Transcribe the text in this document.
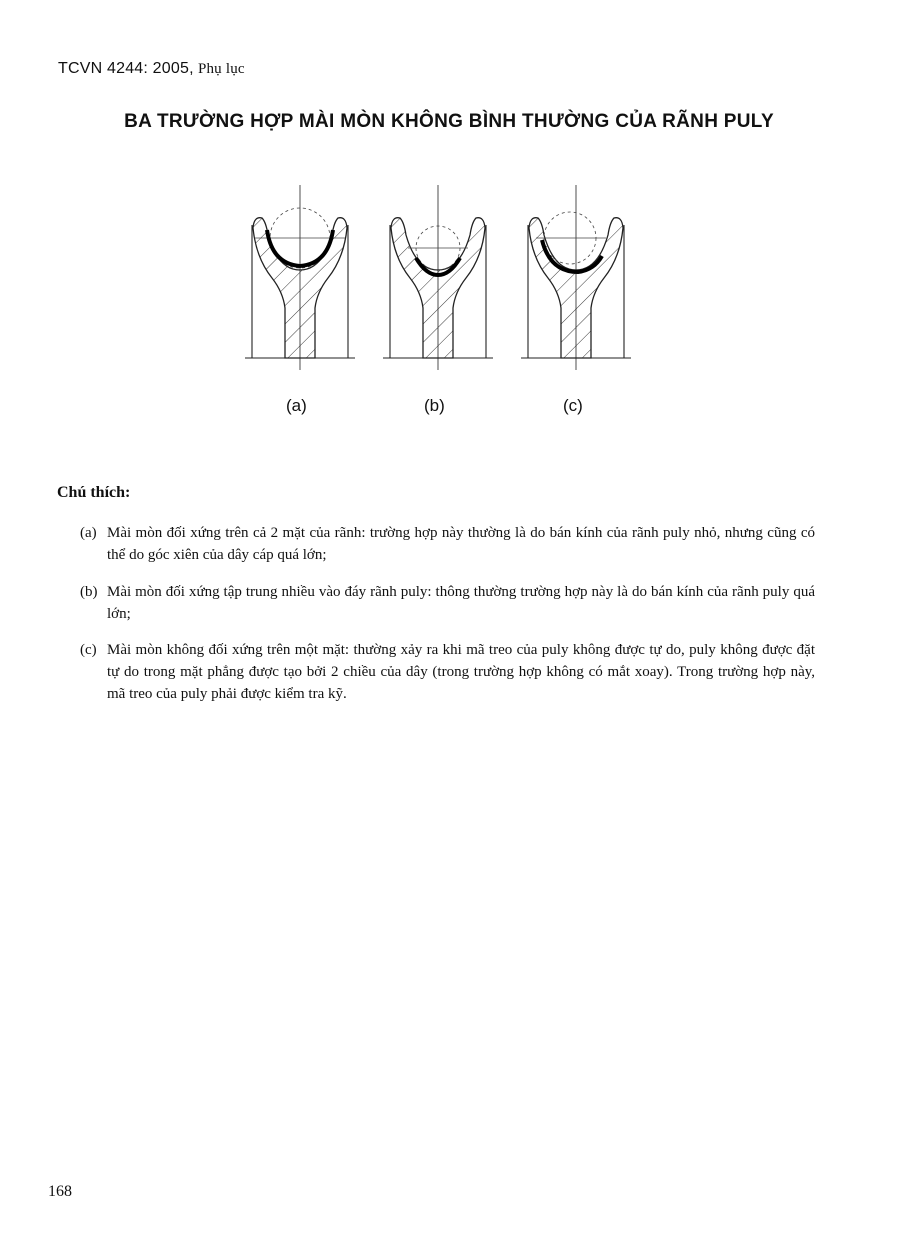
TCVN 4244: 2005, Phụ lục
BA TRƯỜNG HỢP MÀI MÒN KHÔNG BÌNH THƯỜNG CỦA RÃNH PULY
(a)	(b)	(c)
Chú thích:
(a) Mài mòn đối xứng trên cả 2 mặt của rãnh: trường hợp này thường là do bán kính của rãnh puly nhỏ, nhưng cũng có thể do góc xiên của dây cáp quá lớn;
(b) Mài mòn đối xứng tập trung nhiều vào đáy rãnh puly: thông thường trường hợp này là do bán kính của rãnh puly quá lớn;
(c) Mài mòn không đối xứng trên một mặt: thường xảy ra khi mã treo của puly không được tự do, puly không được đặt tự do trong mặt phẳng được tạo bởi 2 chiều của dây (trong trường hợp không có mắt xoay). Trong trường hợp này, mã treo của puly phải được kiểm tra kỹ.
168
